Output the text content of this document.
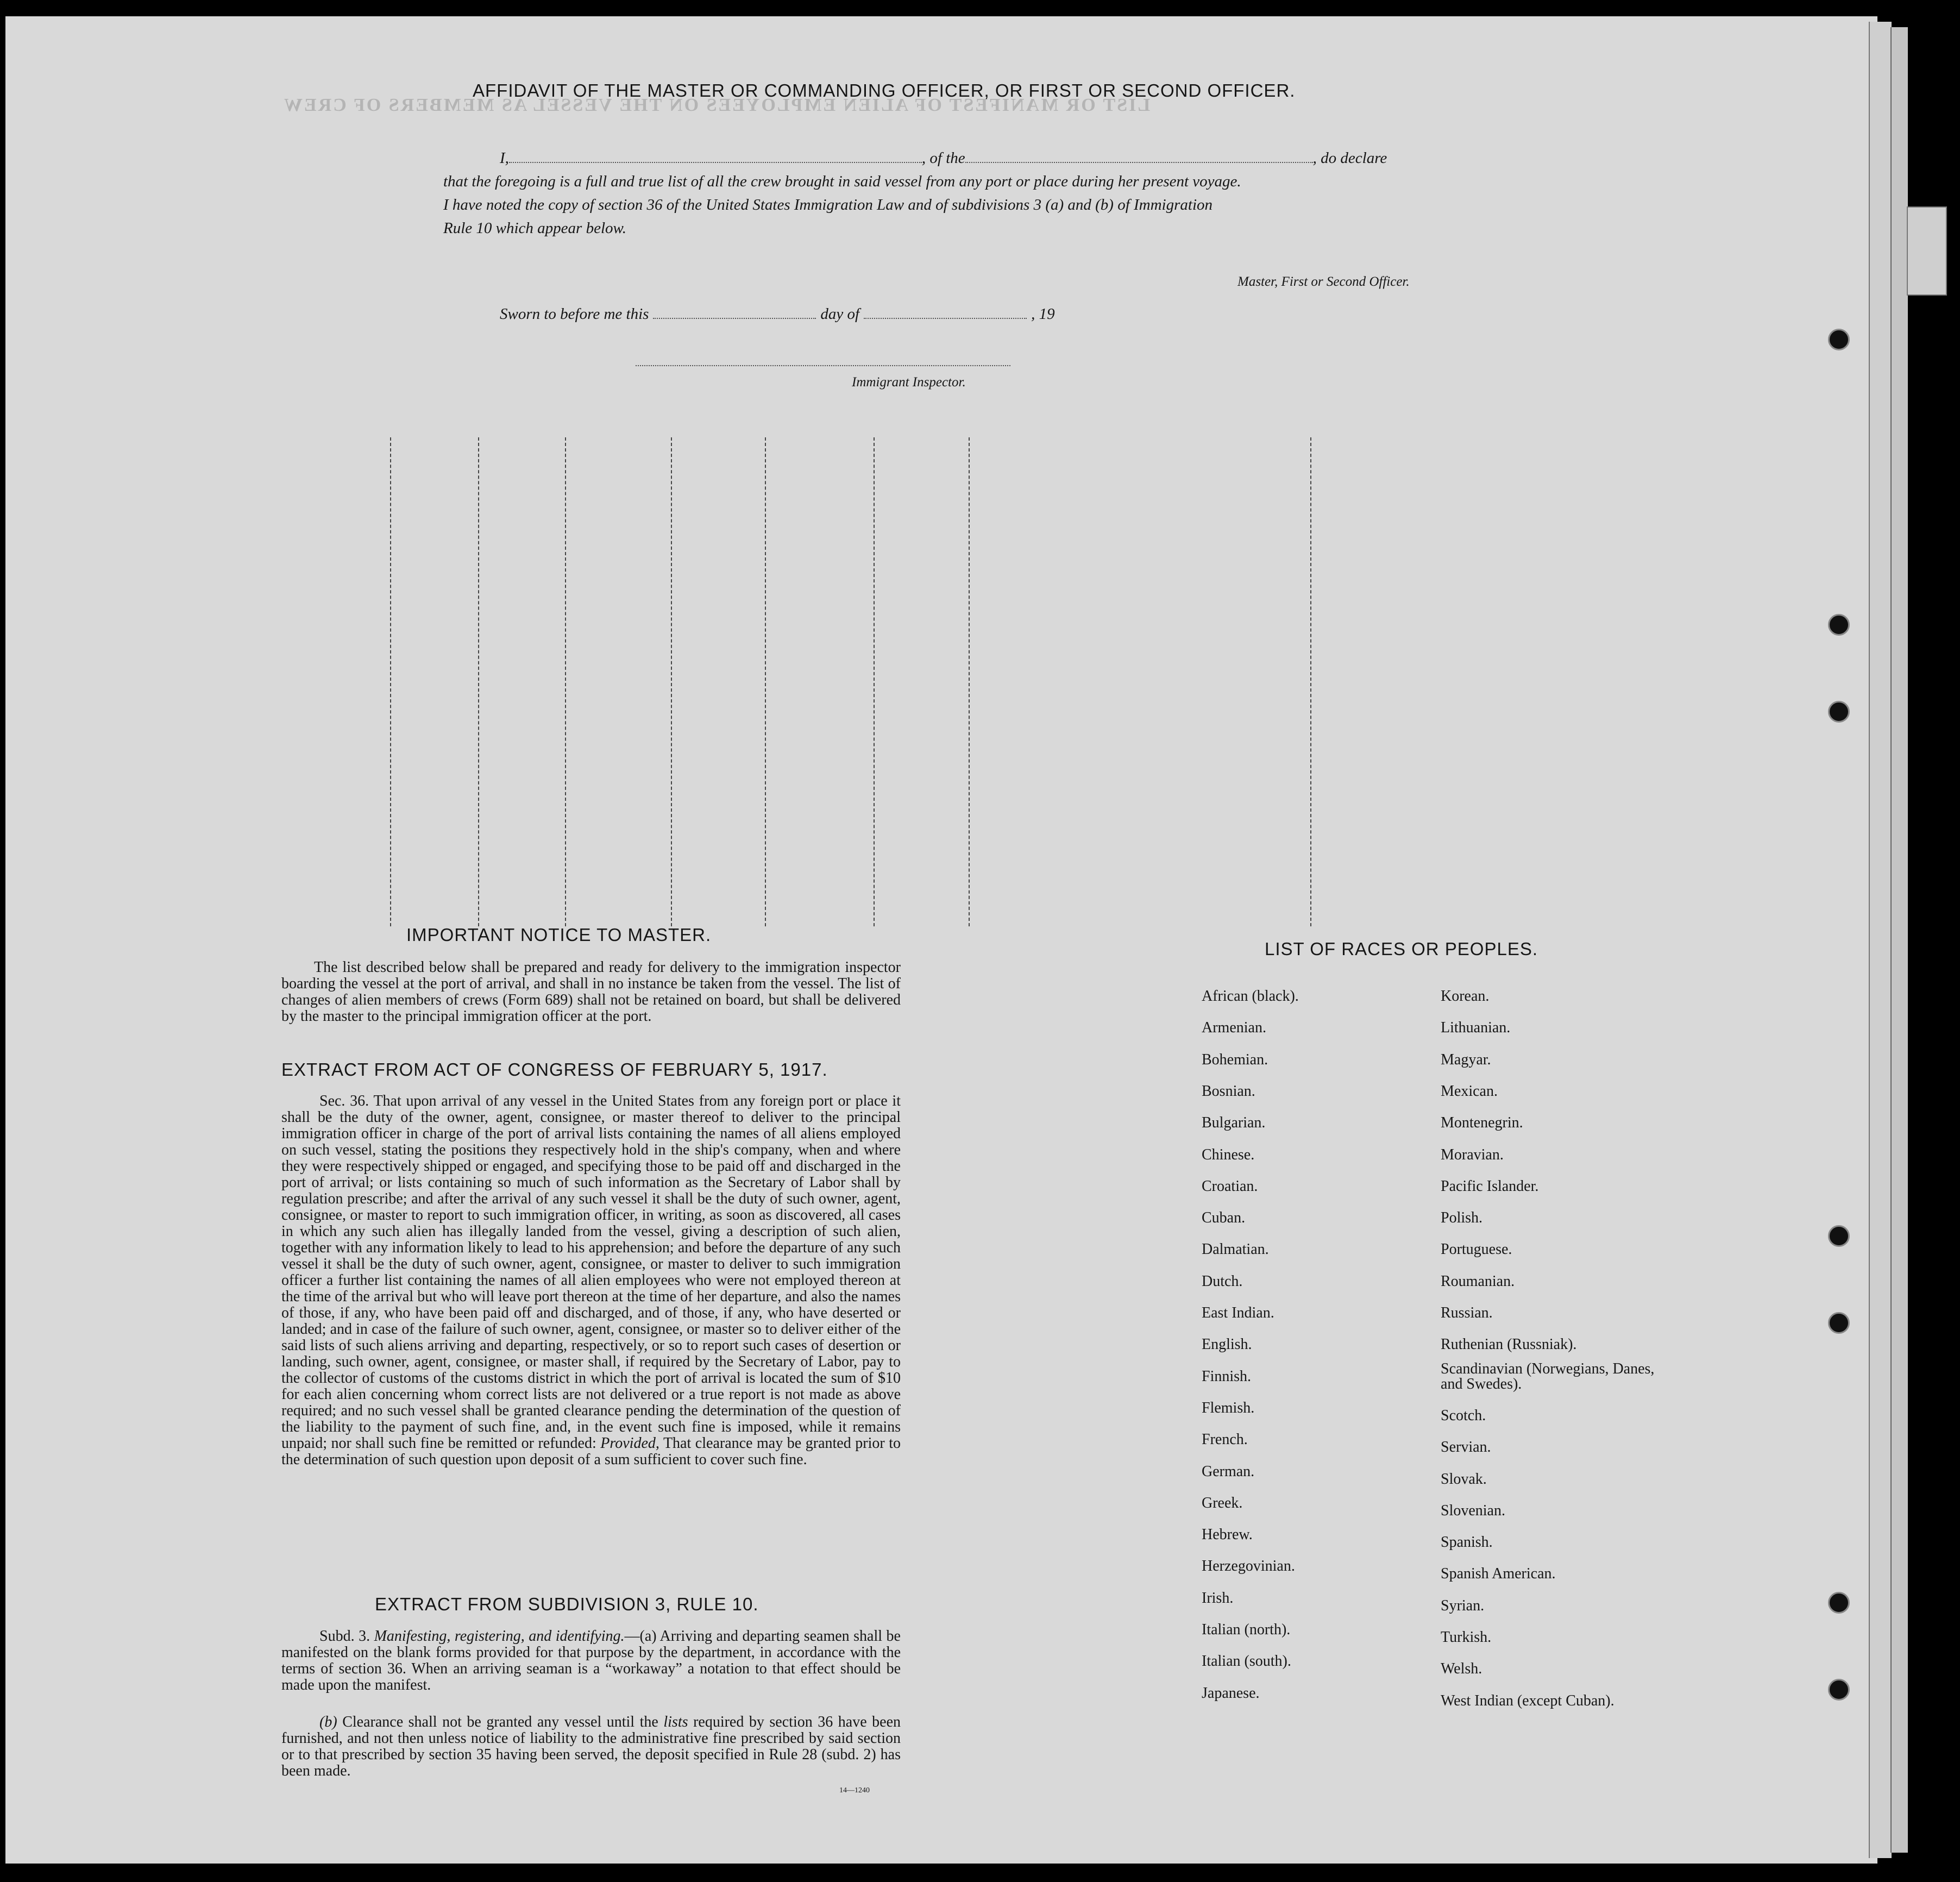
LIST OR MANIFEST OF ALIEN EMPLOYEES ON THE VESSEL AS MEMBERS OF CREW
AFFIDAVIT OF THE MASTER OR COMMANDING OFFICER, OR FIRST OR SECOND OFFICER.
I,	, of the	, do declare
that the foregoing is a full and true list of all the crew brought in said vessel from any port or place during her present voyage.
I have noted the copy of section 36 of the United States Immigration Law and of subdivisions 3 (a) and (b) of Immigration
Rule 10 which appear below.
Master, First or Second Officer.
Sworn to before me this	day of	, 19
Immigrant Inspector.
IMPORTANT NOTICE TO MASTER.
The list described below shall be prepared and ready for delivery to the immigration inspector boarding the vessel at the port of arrival, and shall in no instance be taken from the vessel. The list of changes of alien members of crews (Form 689) shall not be retained on board, but shall be delivered by the master to the principal immigration officer at the port.
EXTRACT FROM ACT OF CONGRESS OF FEBRUARY 5, 1917.
Sec. 36. That upon arrival of any vessel in the United States from any foreign port or place it shall be the duty of the owner, agent, consignee, or master thereof to deliver to the principal immigration officer in charge of the port of arrival lists containing the names of all aliens employed on such vessel, stating the positions they respectively hold in the ship's company, when and where they were respectively shipped or engaged, and specifying those to be paid off and discharged in the port of arrival; or lists containing so much of such information as the Secretary of Labor shall by regulation prescribe; and after the arrival of any such vessel it shall be the duty of such owner, agent, consignee, or master to report to such immigration officer, in writing, as soon as discovered, all cases in which any such alien has illegally landed from the vessel, giving a description of such alien, together with any information likely to lead to his apprehension; and before the departure of any such vessel it shall be the duty of such owner, agent, consignee, or master to deliver to such immigration officer a further list containing the names of all alien employees who were not employed thereon at the time of the arrival but who will leave port thereon at the time of her departure, and also the names of those, if any, who have been paid off and discharged, and of those, if any, who have deserted or landed; and in case of the failure of such owner, agent, consignee, or master so to deliver either of the said lists of such aliens arriving and departing, respectively, or so to report such cases of desertion or landing, such owner, agent, consignee, or master shall, if required by the Secretary of Labor, pay to the collector of customs of the customs district in which the port of arrival is located the sum of $10 for each alien concerning whom correct lists are not delivered or a true report is not made as above required; and no such vessel shall be granted clearance pending the determination of the question of the liability to the payment of such fine, and, in the event such fine is imposed, while it remains unpaid; nor shall such fine be remitted or refunded: Provided, That clearance may be granted prior to the determination of such question upon deposit of a sum sufficient to cover such fine.
EXTRACT FROM SUBDIVISION 3, RULE 10.
Subd. 3. Manifesting, registering, and identifying.—(a) Arriving and departing seamen shall be manifested on the blank forms provided for that purpose by the department, in accordance with the terms of section 36. When an arriving seaman is a “workaway” a notation to that effect should be made upon the manifest.
(b) Clearance shall not be granted any vessel until the lists required by section 36 have been furnished, and not then unless notice of liability to the administrative fine prescribed by said section or to that prescribed by section 35 having been served, the deposit specified in Rule 28 (subd. 2) has been made.
14—1240
LIST OF RACES OR PEOPLES.
African (black).
Armenian.
Bohemian.
Bosnian.
Bulgarian.
Chinese.
Croatian.
Cuban.
Dalmatian.
Dutch.
East Indian.
English.
Finnish.
Flemish.
French.
German.
Greek.
Hebrew.
Herzegovinian.
Irish.
Italian (north).
Italian (south).
Japanese.
Korean.
Lithuanian.
Magyar.
Mexican.
Montenegrin.
Moravian.
Pacific Islander.
Polish.
Portuguese.
Roumanian.
Russian.
Ruthenian (Russniak).
Scandinavian (Norwegians, Danes, and Swedes).
Scotch.
Servian.
Slovak.
Slovenian.
Spanish.
Spanish American.
Syrian.
Turkish.
Welsh.
West Indian (except Cuban).
